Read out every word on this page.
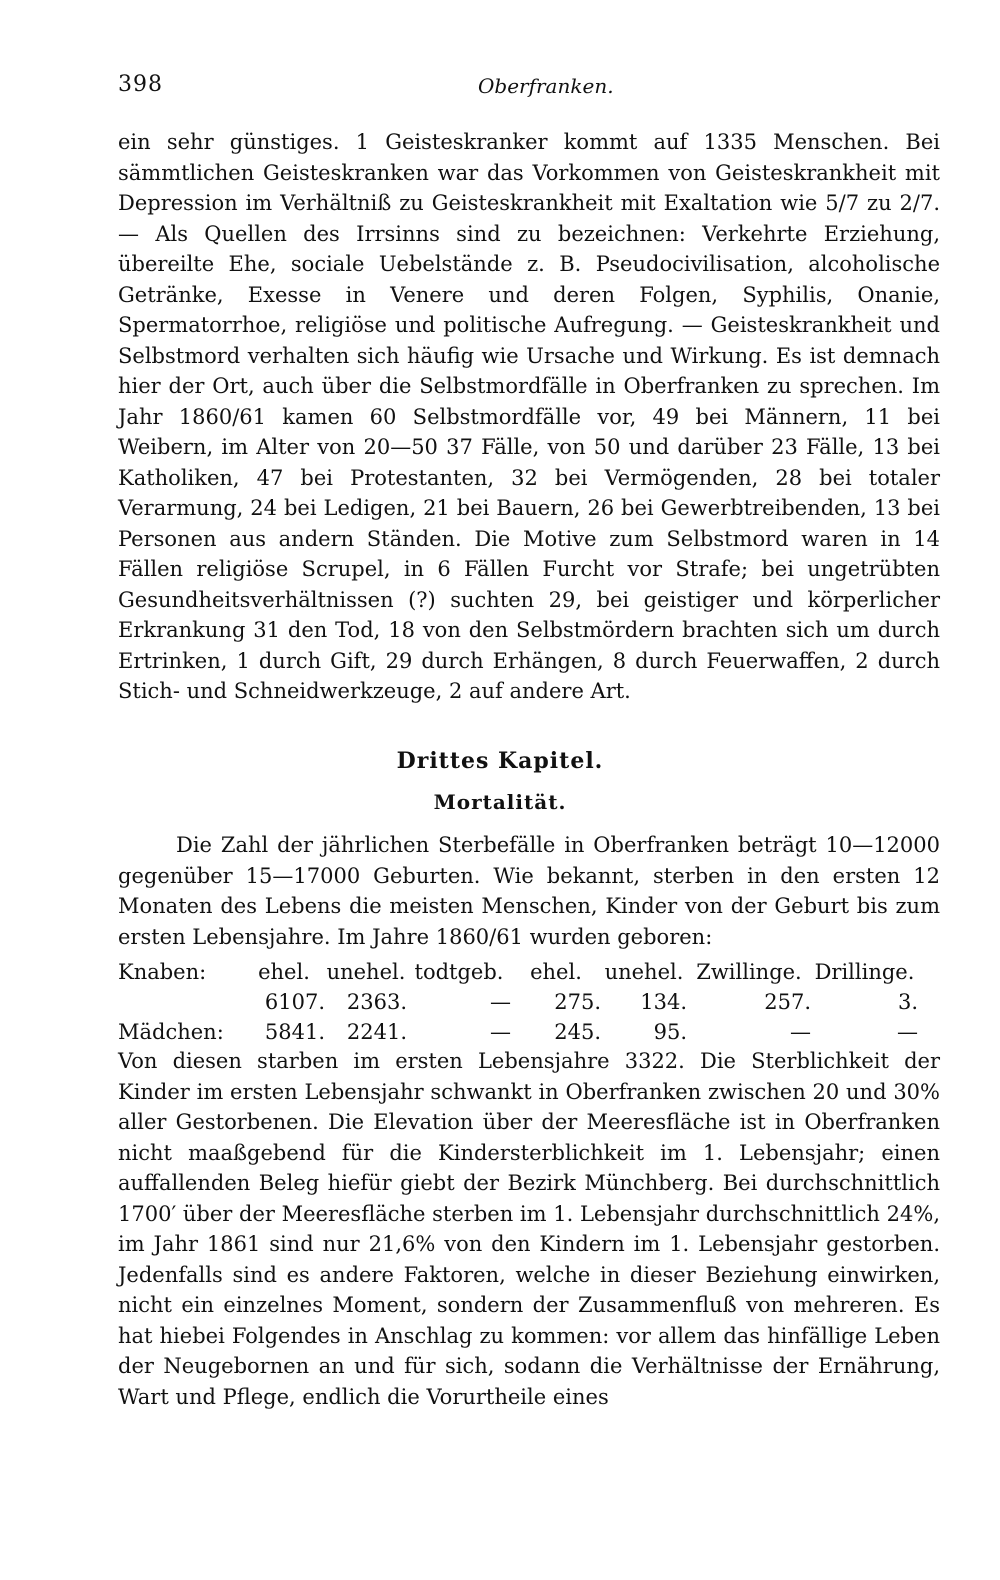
398	Oberfranken.

ein sehr günstiges. 1 Geisteskranker kommt auf 1335 Menschen. Bei sämmtlichen Geisteskranken war das Vorkommen von Geisteskrankheit mit Depression im Verhältniß zu Geisteskrankheit mit Exaltation wie 5/7 zu 2/7. — Als Quellen des Irrsinns sind zu bezeichnen: Verkehrte Erziehung, übereilte Ehe, sociale Uebelstände z. B. Pseudocivilisation, alcoholische Getränke, Exesse in Venere und deren Folgen, Syphilis, Onanie, Spermatorrhoe, religiöse und politische Aufregung. — Geisteskrankheit und Selbstmord verhalten sich häufig wie Ursache und Wirkung. Es ist demnach hier der Ort, auch über die Selbstmordfälle in Oberfranken zu sprechen. Im Jahr 1860/61 kamen 60 Selbstmordfälle vor, 49 bei Männern, 11 bei Weibern, im Alter von 20—50 37 Fälle, von 50 und darüber 23 Fälle, 13 bei Katholiken, 47 bei Protestanten, 32 bei Vermögenden, 28 bei totaler Verarmung, 24 bei Ledigen, 21 bei Bauern, 26 bei Gewerbtreibenden, 13 bei Personen aus andern Ständen. Die Motive zum Selbstmord waren in 14 Fällen religiöse Scrupel, in 6 Fällen Furcht vor Strafe; bei ungetrübten Gesundheitsverhältnissen (?) suchten 29, bei geistiger und körperlicher Erkrankung 31 den Tod, 18 von den Selbstmördern brachten sich um durch Ertrinken, 1 durch Gift, 29 durch Erhängen, 8 durch Feuerwaffen, 2 durch Stich- und Schneidwerkzeuge, 2 auf andere Art.

Drittes Kapitel.
Mortalität.

Die Zahl der jährlichen Sterbefälle in Oberfranken beträgt 10—12000 gegenüber 15—17000 Geburten. Wie bekannt, sterben in den ersten 12 Monaten des Lebens die meisten Menschen, Kinder von der Geburt bis zum ersten Lebensjahre. Im Jahre 1860/61 wurden geboren:

Knaben:	ehel.	unehel.	todtgeb.	ehel.	unehel.	Zwillinge.	Drillinge.
	6107.	2363.	—	275.	134.	257.	3.
Mädchen:	5841.	2241.	—	245.	95.	—	—

Von diesen starben im ersten Lebensjahre 3322. Die Sterblichkeit der Kinder im ersten Lebensjahr schwankt in Oberfranken zwischen 20 und 30% aller Gestorbenen. Die Elevation über der Meeresfläche ist in Oberfranken nicht maaßgebend für die Kindersterblichkeit im 1. Lebensjahr; einen auffallenden Beleg hiefür giebt der Bezirk Münchberg. Bei durchschnittlich 1700′ über der Meeresfläche sterben im 1. Lebensjahr durchschnittlich 24%, im Jahr 1861 sind nur 21,6% von den Kindern im 1. Lebensjahr gestorben. Jedenfalls sind es andere Faktoren, welche in dieser Beziehung einwirken, nicht ein einzelnes Moment, sondern der Zusammenfluß von mehreren. Es hat hiebei Folgendes in Anschlag zu kommen: vor allem das hinfällige Leben der Neugebornen an und für sich, sodann die Verhältnisse der Ernährung, Wart und Pflege, endlich die Vorurtheile eines
